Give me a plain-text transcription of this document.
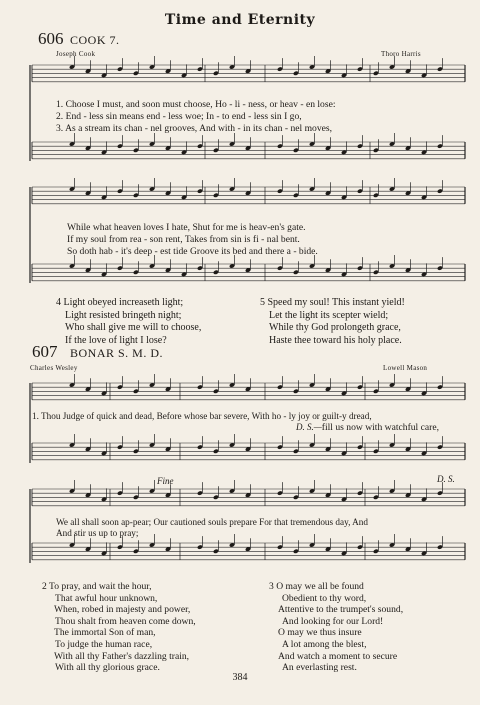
Time and Eternity
606 COOK 7.
Joseph Cook	Thoro Harris
1. Choose I must, and soon must choose, Ho - li - ness, or heav - en lose:
2. End - less sin means end - less woe; In - to end - less sin I go,
3. As a stream its chan - nel grooves, And with - in its chan - nel moves,
While what heaven loves I hate, Shut for me is heav-en's gate.
If my soul from rea - son rent, Takes from sin is fi - nal bent.
So doth hab - it's deep - est tide Groove its bed and there a - bide.
4 Light obeyed increaseth light;
Light resisted bringeth night;
Who shall give me will to choose,
If the love of light I lose?
5 Speed my soul! This instant yield!
Let the light its scepter wield;
While thy God prolongeth grace,
Haste thee toward his holy place.
607 BONAR S. M. D.
Charles Wesley	Lowell Mason
1. Thou Judge of quick and dead, Before whose bar severe, With ho - ly joy or guilt-y dread,
D. S.—fill us now with watchful care,
Fine	D. S.
We all shall soon ap-pear; Our cautioned souls prepare For that tremendous day, And
And stir us up to pray;
2 To pray, and wait the hour,
That awful hour unknown,
When, robed in majesty and power,
Thou shalt from heaven come down,
The immortal Son of man,
To judge the human race,
With all thy Father's dazzling train,
With all thy glorious grace.
3 O may we all be found
Obedient to thy word,
Attentive to the trumpet's sound,
And looking for our Lord!
O may we thus insure
A lot among the blest,
And watch a moment to secure
An everlasting rest.
384
